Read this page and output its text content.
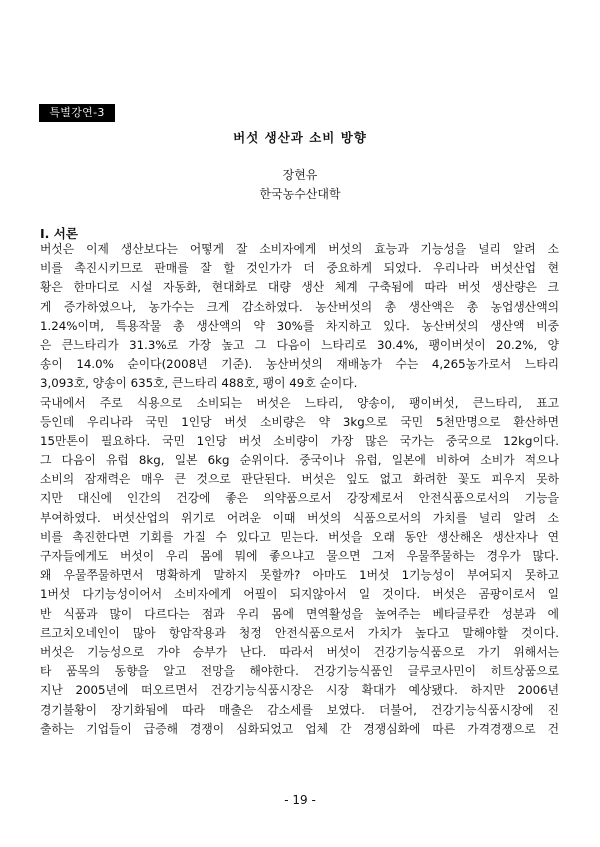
특별강연-3
버섯 생산과 소비 방향
장현유
한국농수산대학
Ⅰ. 서론
버섯은 이제 생산보다는 어떻게 잘 소비자에게 버섯의 효능과 기능성을 널리 알려 소
비를 촉진시키므로 판매를 잘 할 것인가가 더 중요하게 되었다. 우리나라 버섯산업 현
황은 한마디로 시설 자동화, 현대화로 대량 생산 체계 구축됨에 따라 버섯 생산량은 크
게 증가하였으나, 농가수는 크게 감소하였다. 농산버섯의 총 생산액은 총 농업생산액의
1.24%이며, 특용작물 총 생산액의 약 30%를 차지하고 있다. 농산버섯의 생산액 비중
은 큰느타리가 31.3%로 가장 높고 그 다음이 느타리로 30.4%, 팽이버섯이 20.2%, 양
송이 14.0% 순이다(2008년 기준). 농산버섯의 재배농가 수는 4,265농가로서 느타리
3,093호, 양송이 635호, 큰느타리 488호, 팽이 49호 순이다.
국내에서 주로 식용으로 소비되는 버섯은 느타리, 양송이, 팽이버섯, 큰느타리, 표고
등인데 우리나라 국민 1인당 버섯 소비량은 약 3kg으로 국민 5천만명으로 환산하면
15만톤이 필요하다. 국민 1인당 버섯 소비량이 가장 많은 국가는 중국으로 12kg이다.
그 다음이 유럽 8kg, 일본 6kg 순위이다. 중국이나 유럽, 일본에 비하여 소비가 적으나
소비의 잠재력은 매우 큰 것으로 판단된다. 버섯은 잎도 없고 화려한 꽃도 피우지 못하
지만 대신에 인간의 건강에 좋은 의약품으로서 강장제로서 안전식품으로서의 기능을
부여하였다. 버섯산업의 위기로 어려운 이때 버섯의 식품으로서의 가치를 널리 알려 소
비를 촉진한다면 기회를 가질 수 있다고 믿는다. 버섯을 오래 동안 생산해온 생산자나 연
구자들에게도 버섯이 우리 몸에 뭐에 좋으냐고 물으면 그저 우물쭈물하는 경우가 많다.
왜 우물쭈물하면서 명확하게 말하지 못할까? 아마도 1버섯 1기능성이 부여되지 못하고
1버섯 다기능성이어서 소비자에게 어필이 되지않아서 일 것이다. 버섯은 곰팡이로서 일
반 식품과 많이 다르다는 점과 우리 몸에 면역활성을 높여주는 베타글루칸 성분과 에
르고치오네인이 많아 항암작용과 청정 안전식품으로서 가치가 높다고 말해야할 것이다.
버섯은 기능성으로 가야 승부가 난다. 따라서 버섯이 건강기능식품으로 가기 위해서는
타 품목의 동향을 알고 전망을 해야한다. 건강기능식품인 글루코사민이 히트상품으로
지난 2005년에 떠오르면서 건강기능식품시장은 시장 확대가 예상됐다. 하지만 2006년
경기불황이 장기화됨에 따라 매출은 감소세를 보였다. 더불어, 건강기능식품시장에 진
출하는 기업들이 급증해 경쟁이 심화되었고 업체 간 경쟁심화에 따른 가격경쟁으로 건
- 19 -
